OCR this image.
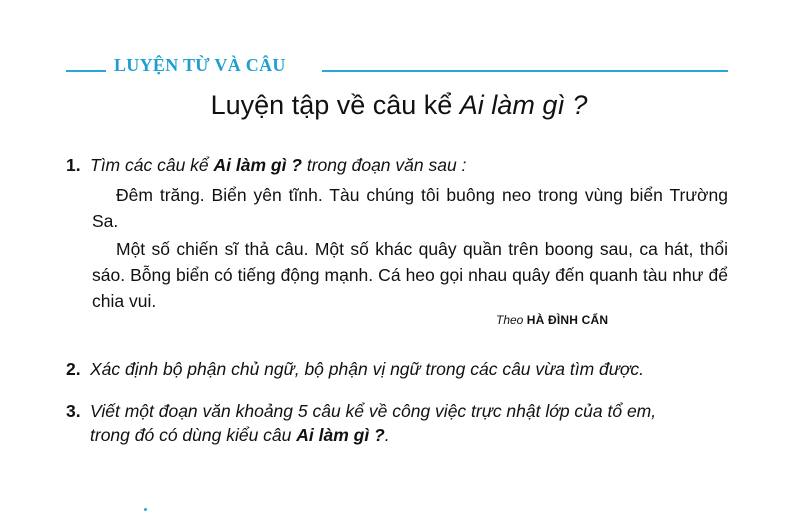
LUYỆN TỪ VÀ CÂU
Luyện tập về câu kể Ai làm gì ?
1. Tìm các câu kể Ai làm gì ? trong đoạn văn sau :
Đêm trăng. Biển yên tĩnh. Tàu chúng tôi buông neo trong vùng biển Trường Sa.
Một số chiến sĩ thả câu. Một số khác quây quần trên boong sau, ca hát, thổi sáo. Bỗng biển có tiếng động mạnh. Cá heo gọi nhau quây đến quanh tàu như để chia vui.
Theo HÀ ĐÌNH CẨN
2. Xác định bộ phận chủ ngữ, bộ phận vị ngữ trong các câu vừa tìm được.
3. Viết một đoạn văn khoảng 5 câu kể về công việc trực nhật lớp của tổ em,
trong đó có dùng kiểu câu Ai làm gì ?.
